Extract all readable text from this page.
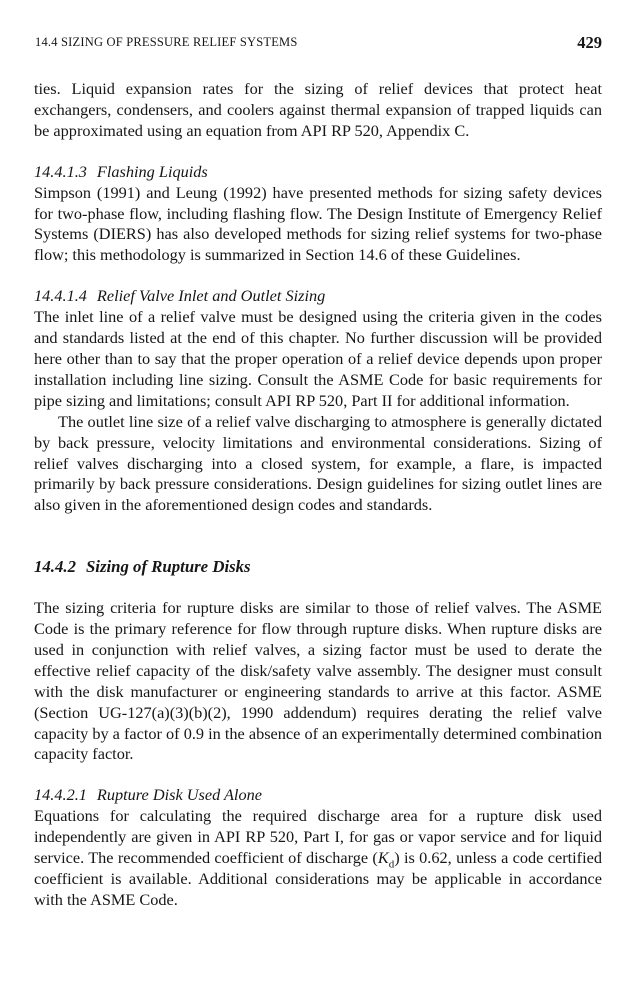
14.4 SIZING OF PRESSURE RELIEF SYSTEMS	429

ties. Liquid expansion rates for the sizing of relief devices that protect heat exchangers, condensers, and coolers against thermal expansion of trapped liquids can be approximated using an equation from API RP 520, Appendix C.

14.4.1.3 Flashing Liquids

Simpson (1991) and Leung (1992) have presented methods for sizing safety devices for two-phase flow, including flashing flow. The Design Institute of Emergency Relief Systems (DIERS) has also developed methods for sizing relief systems for two-phase flow; this methodology is summarized in Section 14.6 of these Guidelines.

14.4.1.4 Relief Valve Inlet and Outlet Sizing

The inlet line of a relief valve must be designed using the criteria given in the codes and standards listed at the end of this chapter. No further discussion will be provided here other than to say that the proper operation of a relief device depends upon proper installation including line sizing. Consult the ASME Code for basic requirements for pipe sizing and limitations; consult API RP 520, Part II for additional information.

The outlet line size of a relief valve discharging to atmosphere is generally dictated by back pressure, velocity limitations and environmental considerations. Sizing of relief valves discharging into a closed system, for example, a flare, is impacted primarily by back pressure considerations. Design guidelines for sizing outlet lines are also given in the aforementioned design codes and standards.

14.4.2 Sizing of Rupture Disks

The sizing criteria for rupture disks are similar to those of relief valves. The ASME Code is the primary reference for flow through rupture disks. When rupture disks are used in conjunction with relief valves, a sizing factor must be used to derate the effective relief capacity of the disk/safety valve assembly. The designer must consult with the disk manufacturer or engineering standards to arrive at this factor. ASME (Section UG-127(a)(3)(b)(2), 1990 addendum) requires derating the relief valve capacity by a factor of 0.9 in the absence of an experimentally determined combination capacity factor.

14.4.2.1 Rupture Disk Used Alone

Equations for calculating the required discharge area for a rupture disk used independently are given in API RP 520, Part I, for gas or vapor service and for liquid service. The recommended coefficient of discharge $(K_d)$ is 0.62, unless a code certified coefficient is available. Additional considerations may be applicable in accordance with the ASME Code.
